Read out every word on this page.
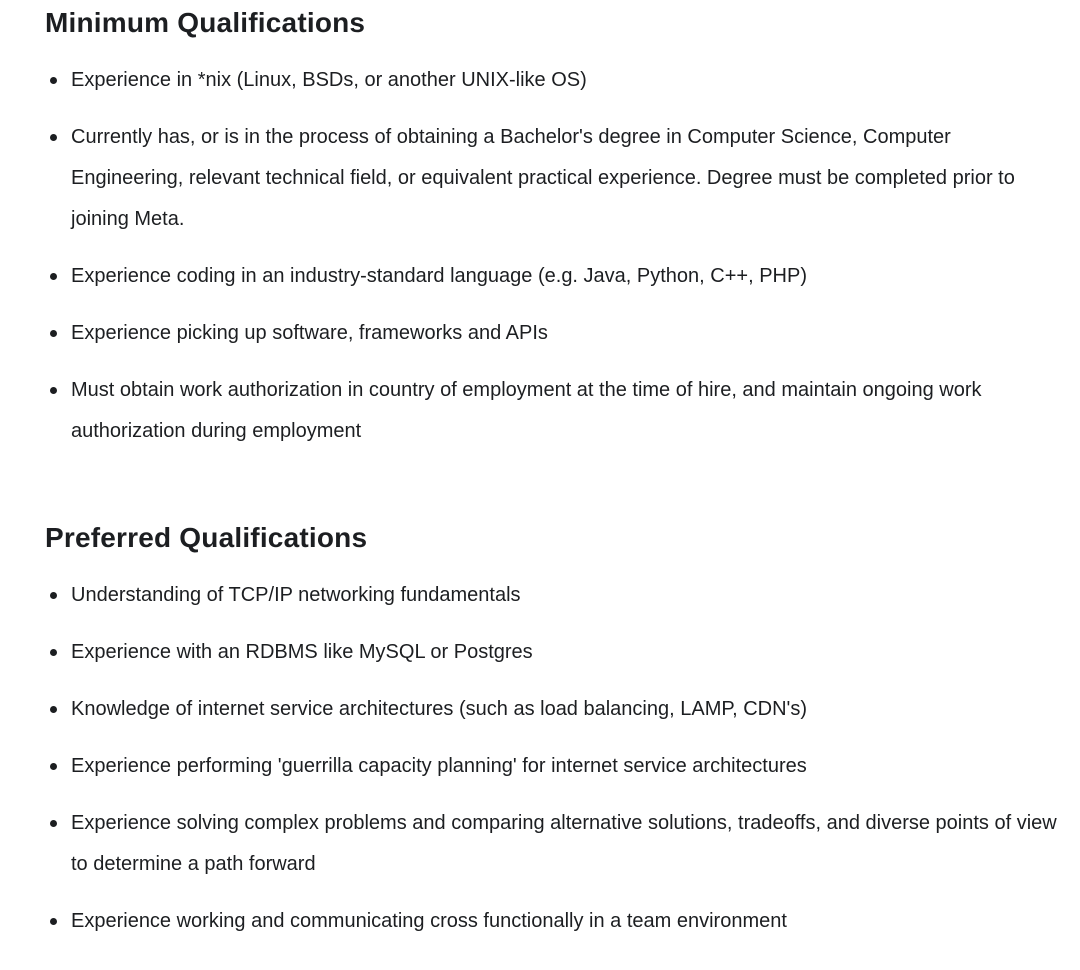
Minimum Qualifications
Experience in *nix (Linux, BSDs, or another UNIX-like OS)
Currently has, or is in the process of obtaining a Bachelor's degree in Computer Science, Computer Engineering, relevant technical field, or equivalent practical experience. Degree must be completed prior to joining Meta.
Experience coding in an industry-standard language (e.g. Java, Python, C++, PHP)
Experience picking up software, frameworks and APIs
Must obtain work authorization in country of employment at the time of hire, and maintain ongoing work authorization during employment
Preferred Qualifications
Understanding of TCP/IP networking fundamentals
Experience with an RDBMS like MySQL or Postgres
Knowledge of internet service architectures (such as load balancing, LAMP, CDN's)
Experience performing 'guerrilla capacity planning' for internet service architectures
Experience solving complex problems and comparing alternative solutions, tradeoffs, and diverse points of view to determine a path forward
Experience working and communicating cross functionally in a team environment
